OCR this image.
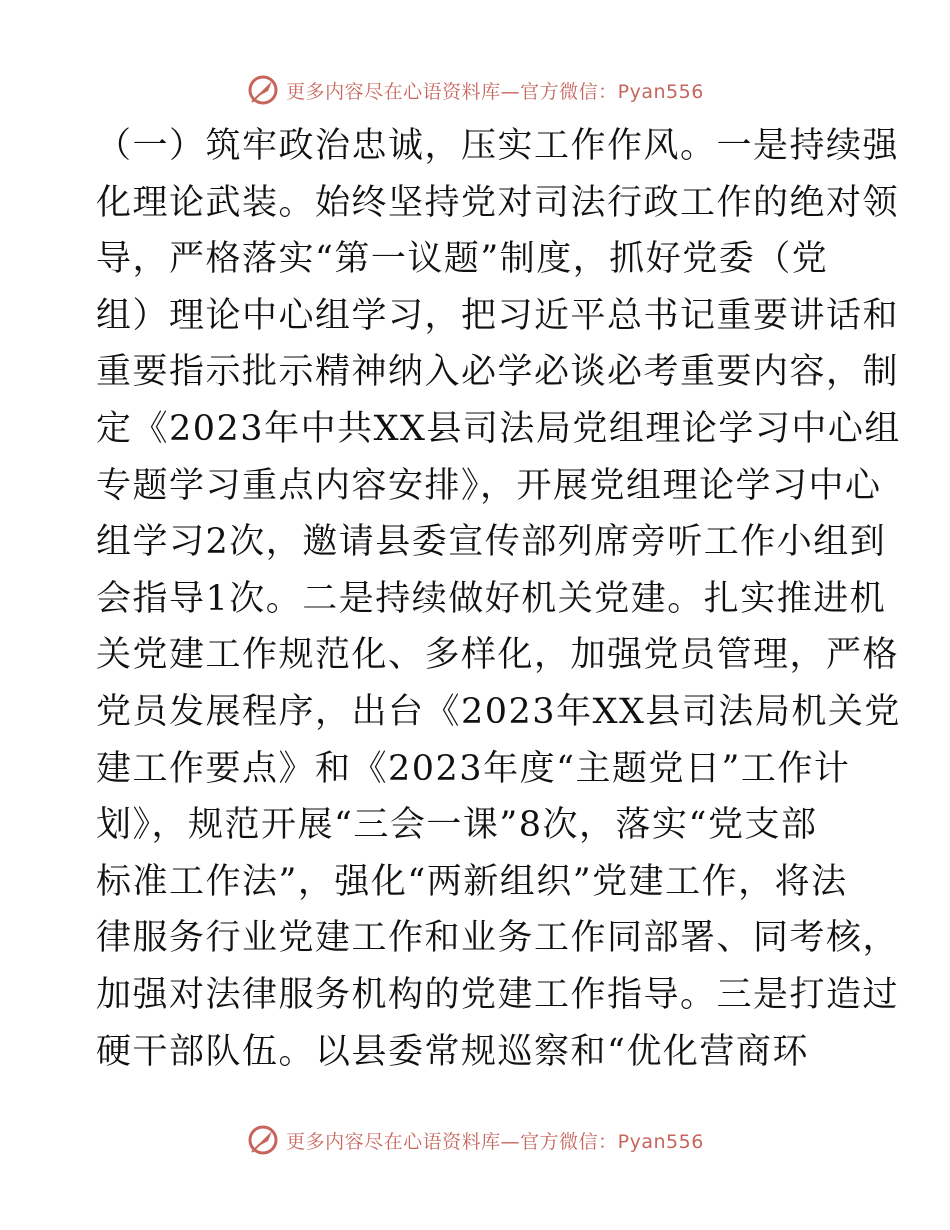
更多内容尽在心语资料库—官方微信：Pyan556
（一）筑牢政治忠诚，压实工作作风。一是持续强
化理论武装。始终坚持党对司法行政工作的绝对领
导，严格落实“第一议题”制度，抓好党委（党
组）理论中心组学习，把习近平总书记重要讲话和
重要指示批示精神纳入必学必谈必考重要内容，制
定《2023年中共XX县司法局党组理论学习中心组
专题学习重点内容安排》，开展党组理论学习中心
组学习2次，邀请县委宣传部列席旁听工作小组到
会指导1次。二是持续做好机关党建。扎实推进机
关党建工作规范化、多样化，加强党员管理，严格
党员发展程序，出台《2023年XX县司法局机关党
建工作要点》和《2023年度“主题党日”工作计
划》，规范开展“三会一课”8次，落实“党支部
标准工作法”，强化“两新组织”党建工作，将法
律服务行业党建工作和业务工作同部署、同考核，
加强对法律服务机构的党建工作指导。三是打造过
硬干部队伍。以县委常规巡察和“优化营商环
更多内容尽在心语资料库—官方微信：Pyan556
